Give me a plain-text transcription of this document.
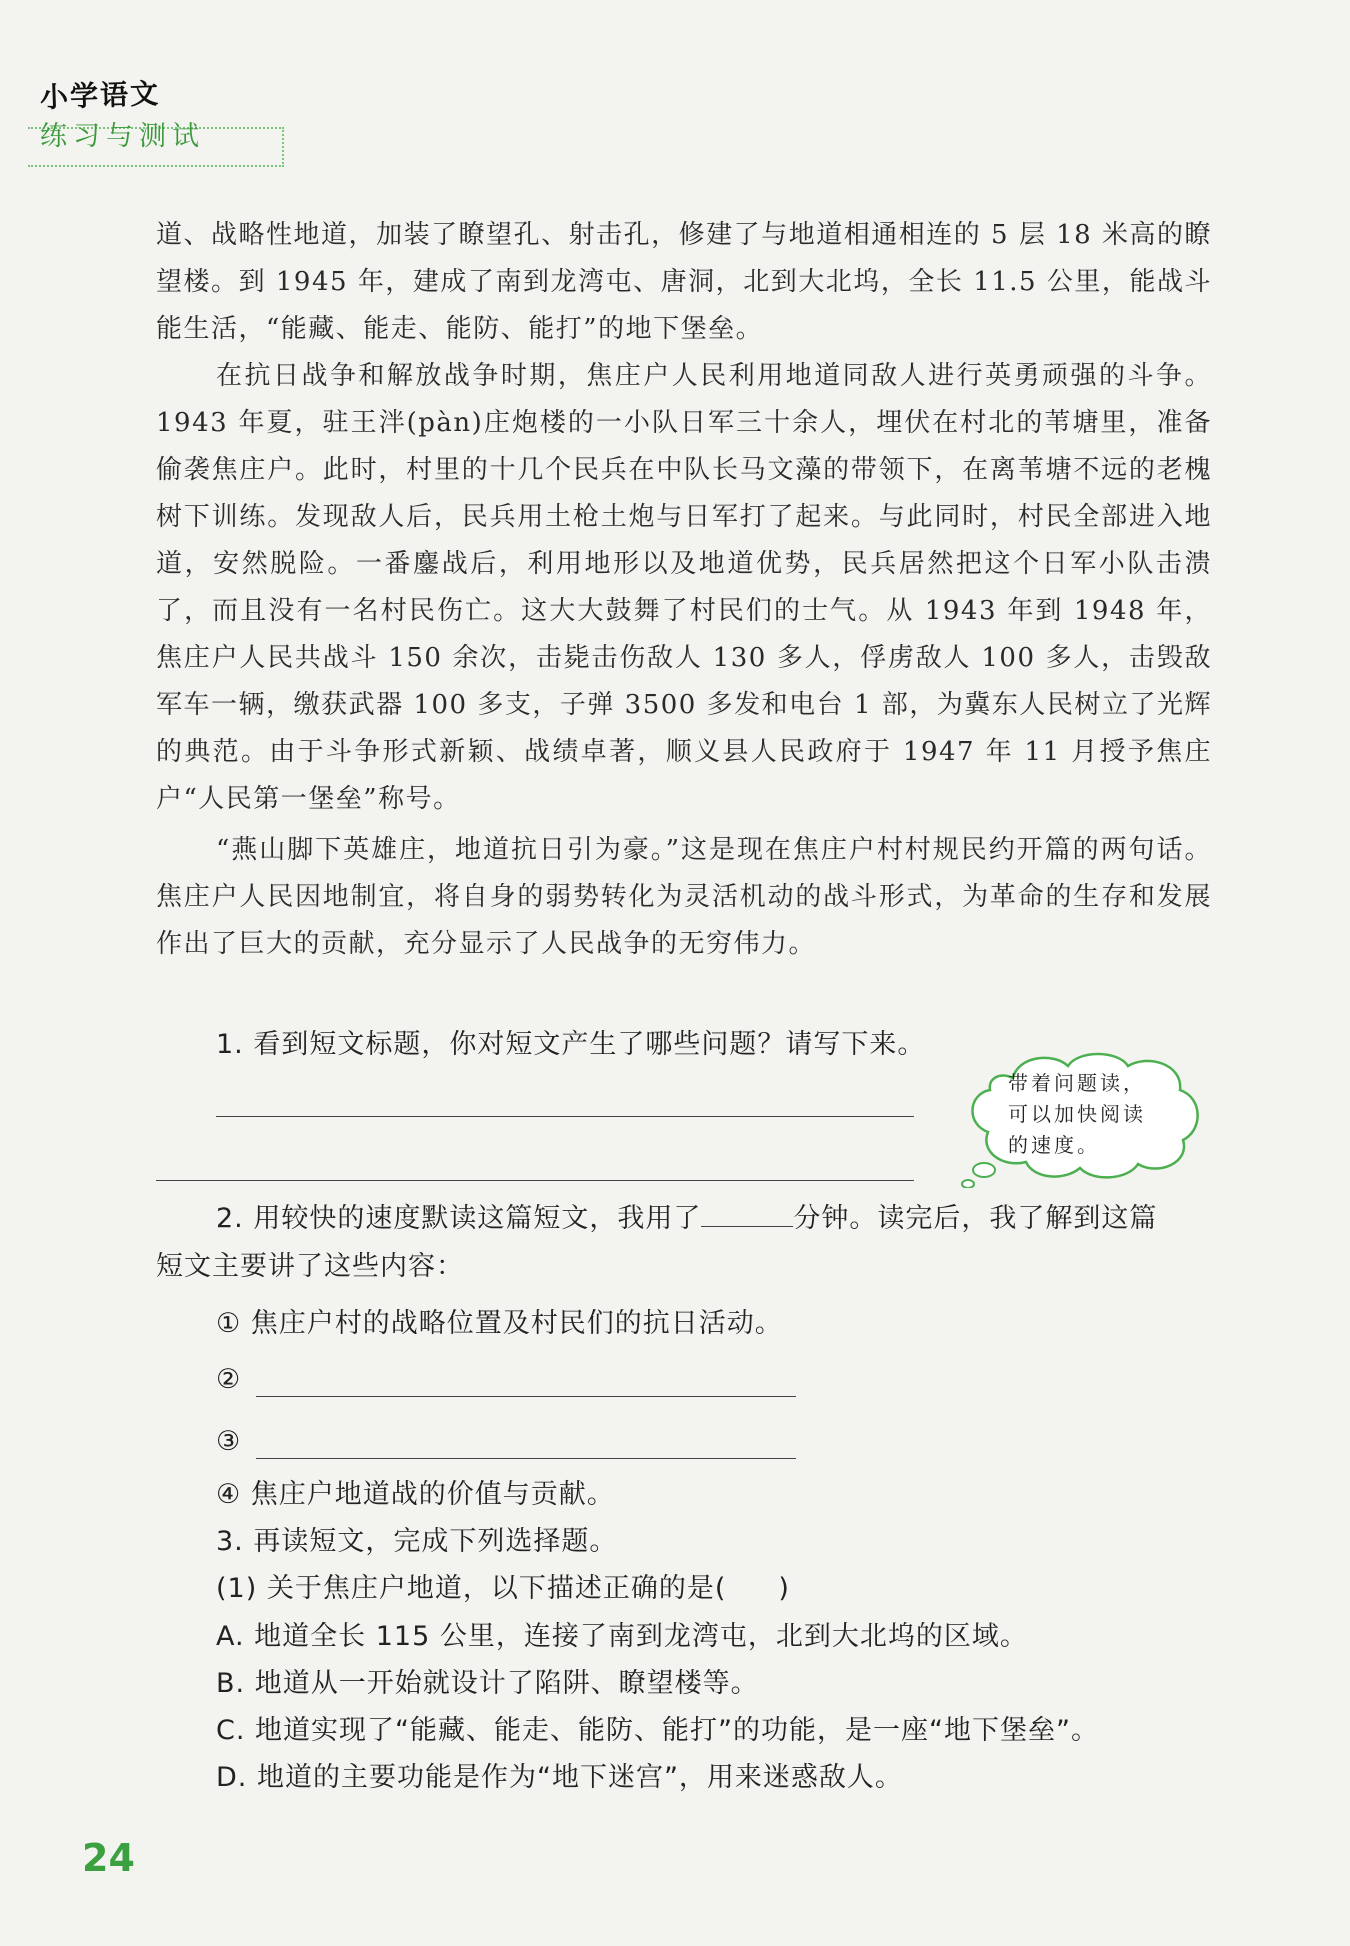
小学语文
练习与测试

道、战略性地道，加装了瞭望孔、射击孔，修建了与地道相通相连的 5 层 18 米高的瞭望楼。到 1945 年，建成了南到龙湾屯、唐洞，北到大北坞，全长 11.5 公里，能战斗能生活，“能藏、能走、能防、能打”的地下堡垒。

在抗日战争和解放战争时期，焦庄户人民利用地道同敌人进行英勇顽强的斗争。1943 年夏，驻王泮(pàn)庄炮楼的一小队日军三十余人，埋伏在村北的苇塘里，准备偷袭焦庄户。此时，村里的十几个民兵在中队长马文藻的带领下，在离苇塘不远的老槐树下训练。发现敌人后，民兵用土枪土炮与日军打了起来。与此同时，村民全部进入地道，安然脱险。一番鏖战后，利用地形以及地道优势，民兵居然把这个日军小队击溃了，而且没有一名村民伤亡。这大大鼓舞了村民们的士气。从 1943 年到 1948 年，焦庄户人民共战斗 150 余次，击毙击伤敌人 130 多人，俘虏敌人 100 多人，击毁敌军车一辆，缴获武器 100 多支，子弹 3500 多发和电台 1 部，为冀东人民树立了光辉的典范。由于斗争形式新颖、战绩卓著，顺义县人民政府于 1947 年 11 月授予焦庄户“人民第一堡垒”称号。

“燕山脚下英雄庄，地道抗日引为豪。”这是现在焦庄户村村规民约开篇的两句话。焦庄户人民因地制宜，将自身的弱势转化为灵活机动的战斗形式，为革命的生存和发展作出了巨大的贡献，充分显示了人民战争的无穷伟力。

1. 看到短文标题，你对短文产生了哪些问题？请写下来。
带着问题读，可以加快阅读的速度。
2. 用较快的速度默读这篇短文，我用了	分钟。读完后，我了解到这篇
短文主要讲了这些内容：
① 焦庄户村的战略位置及村民们的抗日活动。
②
③
④ 焦庄户地道战的价值与贡献。
3. 再读短文，完成下列选择题。
(1) 关于焦庄户地道，以下描述正确的是( )
A. 地道全长 115 公里，连接了南到龙湾屯，北到大北坞的区域。
B. 地道从一开始就设计了陷阱、瞭望楼等。
C. 地道实现了“能藏、能走、能防、能打”的功能，是一座“地下堡垒”。
D. 地道的主要功能是作为“地下迷宫”，用来迷惑敌人。
24
